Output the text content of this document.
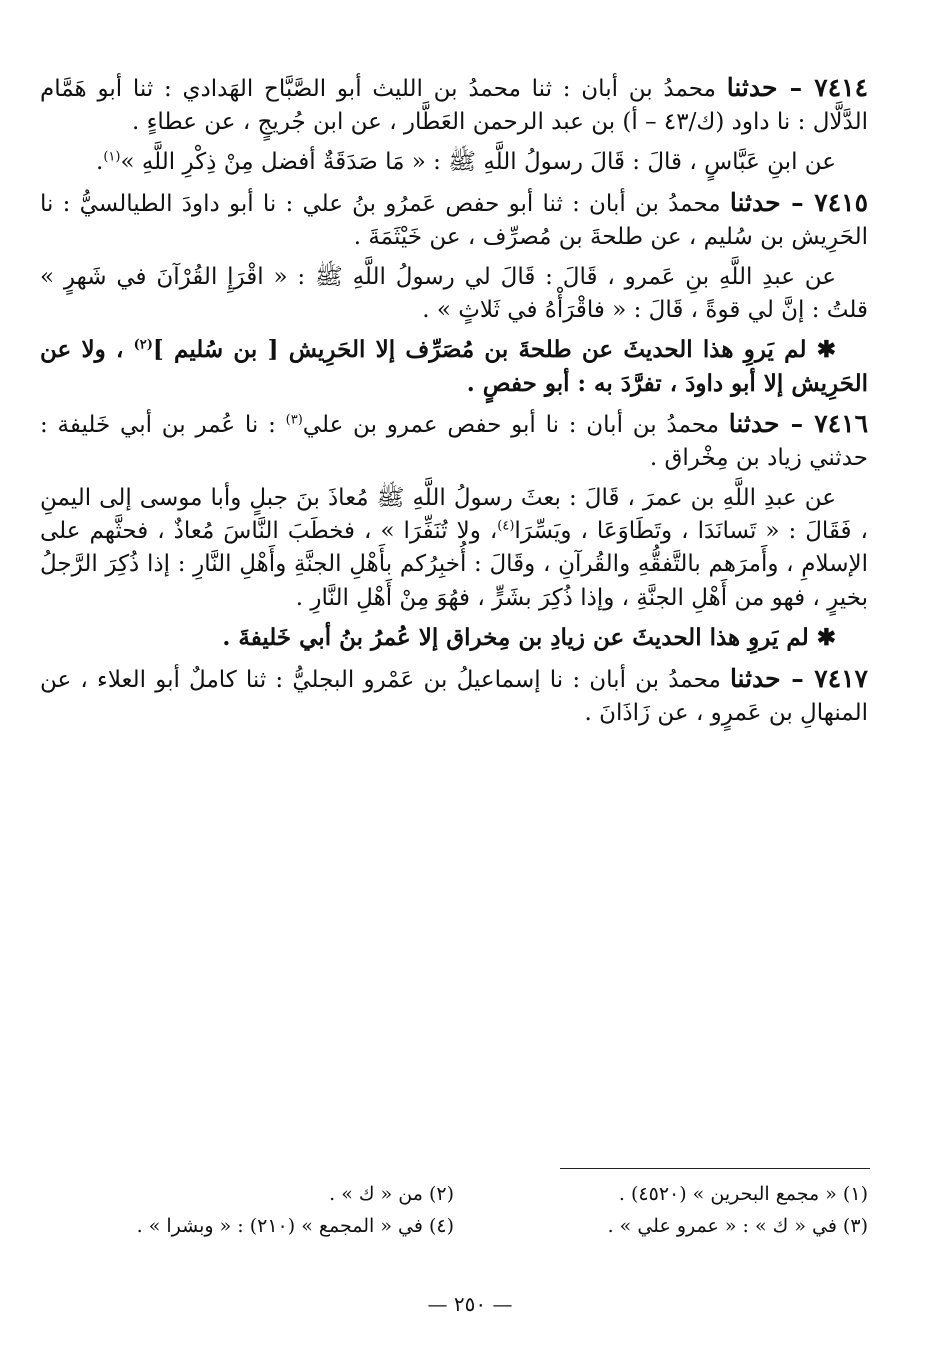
٧٤١٤ – حدثنا محمدُ بن أبان : ثنا محمدُ بن الليث أبو الصَّبَّاح الهَدادي : ثنا أبو هَمَّام الدَّلَّال : نا داود (ك/٤٣ – أ) بن عبد الرحمن العَطَّار ، عن ابن جُريجٍ ، عن عطاءٍ .

عن ابنِ عَبَّاسٍ ، قالَ : قَالَ رسولُ اللَّهِ ﷺ : « مَا صَدَقَةٌ أفضل مِنْ ذِكْرِ اللَّهِ »$^{(١)}$.

٧٤١٥ – حدثنا محمدُ بن أبان : ثنا أبو حفص عَمرُو بنُ علي : نا أبو داودَ الطيالسيُّ : نا الحَرِيش بن سُليم ، عن طلحةَ بن مُصرِّف ، عن خَيْثَمَةَ .

عن عبدِ اللَّهِ بنِ عَمرو ، قَالَ : قَالَ لي رسولُ اللَّهِ ﷺ : « اقْرَإِ القُرْآنَ في شَهرٍ » قلتُ : إنَّ لي قوةً ، قَالَ : « فاقْرَأْهُ في ثَلاثٍ » .

✱ لم يَروِ هذا الحديثَ عن طلحةَ بن مُصَرِّف إلا الحَرِيش [ بن سُليم ]$^{(٢)}$ ، ولا عن الحَرِيش إلا أبو داودَ ، تفرَّدَ به : أبو حفصٍ .

٧٤١٦ – حدثنا محمدُ بن أبان : نا أبو حفص عمرو بن علي$^{(٣)}$ : نا عُمر بن أبي خَليفة : حدثني زياد بن مِخْراق .

عن عبدِ اللَّهِ بن عمرَ ، قَالَ : بعثَ رسولُ اللَّهِ ﷺ مُعاذَ بنَ جبلٍ وأبا موسى إلى اليمنِ ، فَقَالَ : « تَسانَدَا ، وتَطَاوَعَا ، ويَسِّرَا$^{(٤)}$، ولا تُنَفِّرَا » ، فخطَبَ النَّاسَ مُعاذٌ ، فحثَّهم على الإسلامِ ، وأَمرَهم بالتَّفقُّهِ والقُرآنِ ، وقَالَ : أُخبِرُكم بأَهْلِ الجنَّةِ وأَهْلِ النَّارِ : إذا ذُكِرَ الرَّجلُ بخيرٍ ، فهو من أَهْلِ الجنَّةِ ، وإذا ذُكِرَ بشَرٍّ ، فهُوَ مِنْ أَهْلِ النَّارِ .

✱ لم يَروِ هذا الحديثَ عن زيادِ بن مِخراق إلا عُمرُ بنُ أبي خَليفةَ .

٧٤١٧ – حدثنا محمدُ بن أبان : نا إسماعيلُ بن عَمْرو البجليُّ : ثنا كاملٌ أبو العلاء ، عن المنهالِ بن عَمرٍو ، عن زَاذَانَ .

(١) « مجمع البحرين » (٤٥٢٠) .
(٢) من « ك » .
(٣) في « ك » : « عمرو علي » .
(٤) في « المجمع » (٢١٠) : « وبشرا » .
— ٢٥٠ —
